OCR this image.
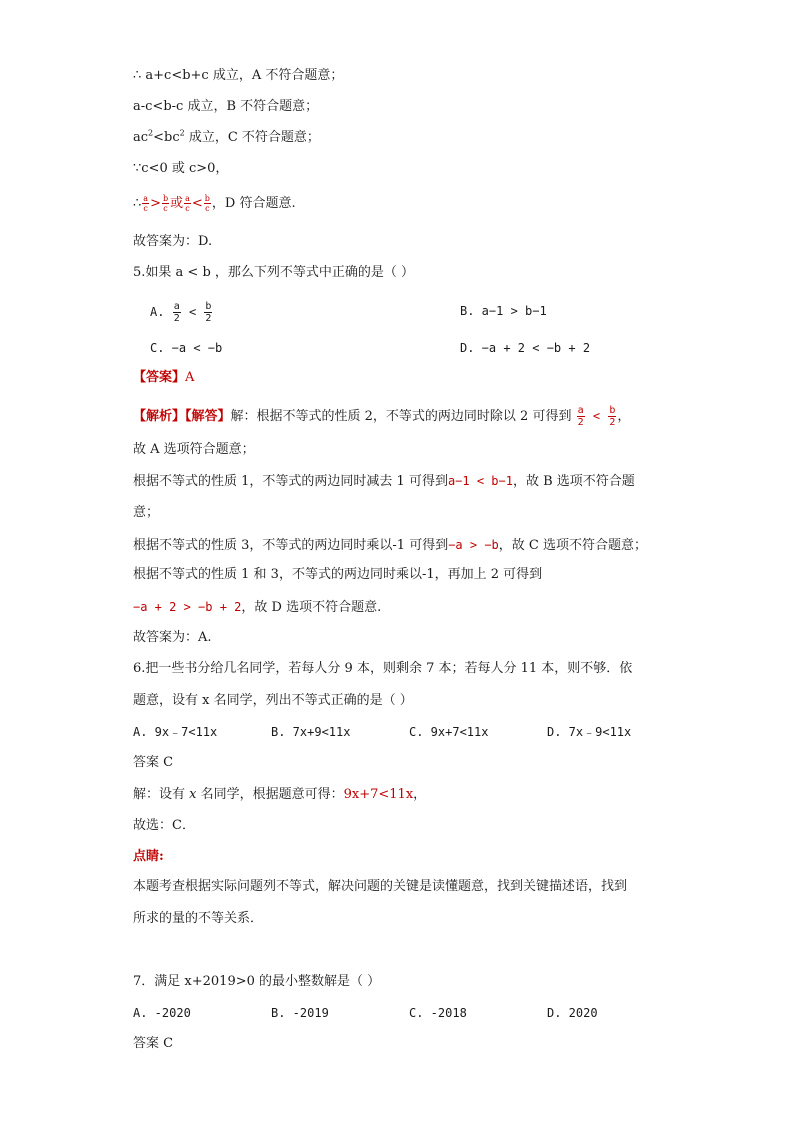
∴ a+c<b+c 成立，A 不符合题意；
a-c<b-c 成立，B 不符合题意；
$ac^2<bc^2$ 成立，C 不符合题意；
∵c<0 或 c>0，
∴ $\frac{a}{c} > \frac{b}{c}$ 或 $\frac{a}{c} < \frac{b}{c}$ ，D 符合题意.
故答案为：D.
5.如果 a < b ，那么下列不等式中正确的是（ ）
A. $\frac{a}{2} < \frac{b}{2}$	B. a−1 > b−1
C. −a < −b	D. −a + 2 < −b + 2
【答案】A
【解析】【解答】解：根据不等式的性质 2，不等式的两边同时除以 2 可得到 $\frac{a}{2} < \frac{b}{2}$ ，
故 A 选项符合题意；
根据不等式的性质 1，不等式的两边同时减去 1 可得到a−1 < b−1，故 B 选项不符合题
意；
根据不等式的性质 3，不等式的两边同时乘以-1 可得到−a > −b，故 C 选项不符合题意；
根据不等式的性质 1 和 3，不等式的两边同时乘以-1，再加上 2 可得到
−a + 2 > −b + 2，故 D 选项不符合题意.
故答案为：A.
6.把一些书分给几名同学，若每人分 9 本，则剩余 7 本；若每人分 11 本，则不够．依
题意，设有 x 名同学，列出不等式正确的是（ ）
A. 9x﹣7<11x	B. 7x+9<11x	C. 9x+7<11x	D. 7x﹣9<11x
答案 C
解：设有 x 名同学，根据题意可得：9x+7<11x，
故选：C．
点睛:
本题考查根据实际问题列不等式，解决问题的关键是读懂题意，找到关键描述语，找到
所求的量的不等关系．
7．满足 x+2019>0 的最小整数解是（ ）
A. -2020	B. -2019	C. -2018	D. 2020
答案 C
